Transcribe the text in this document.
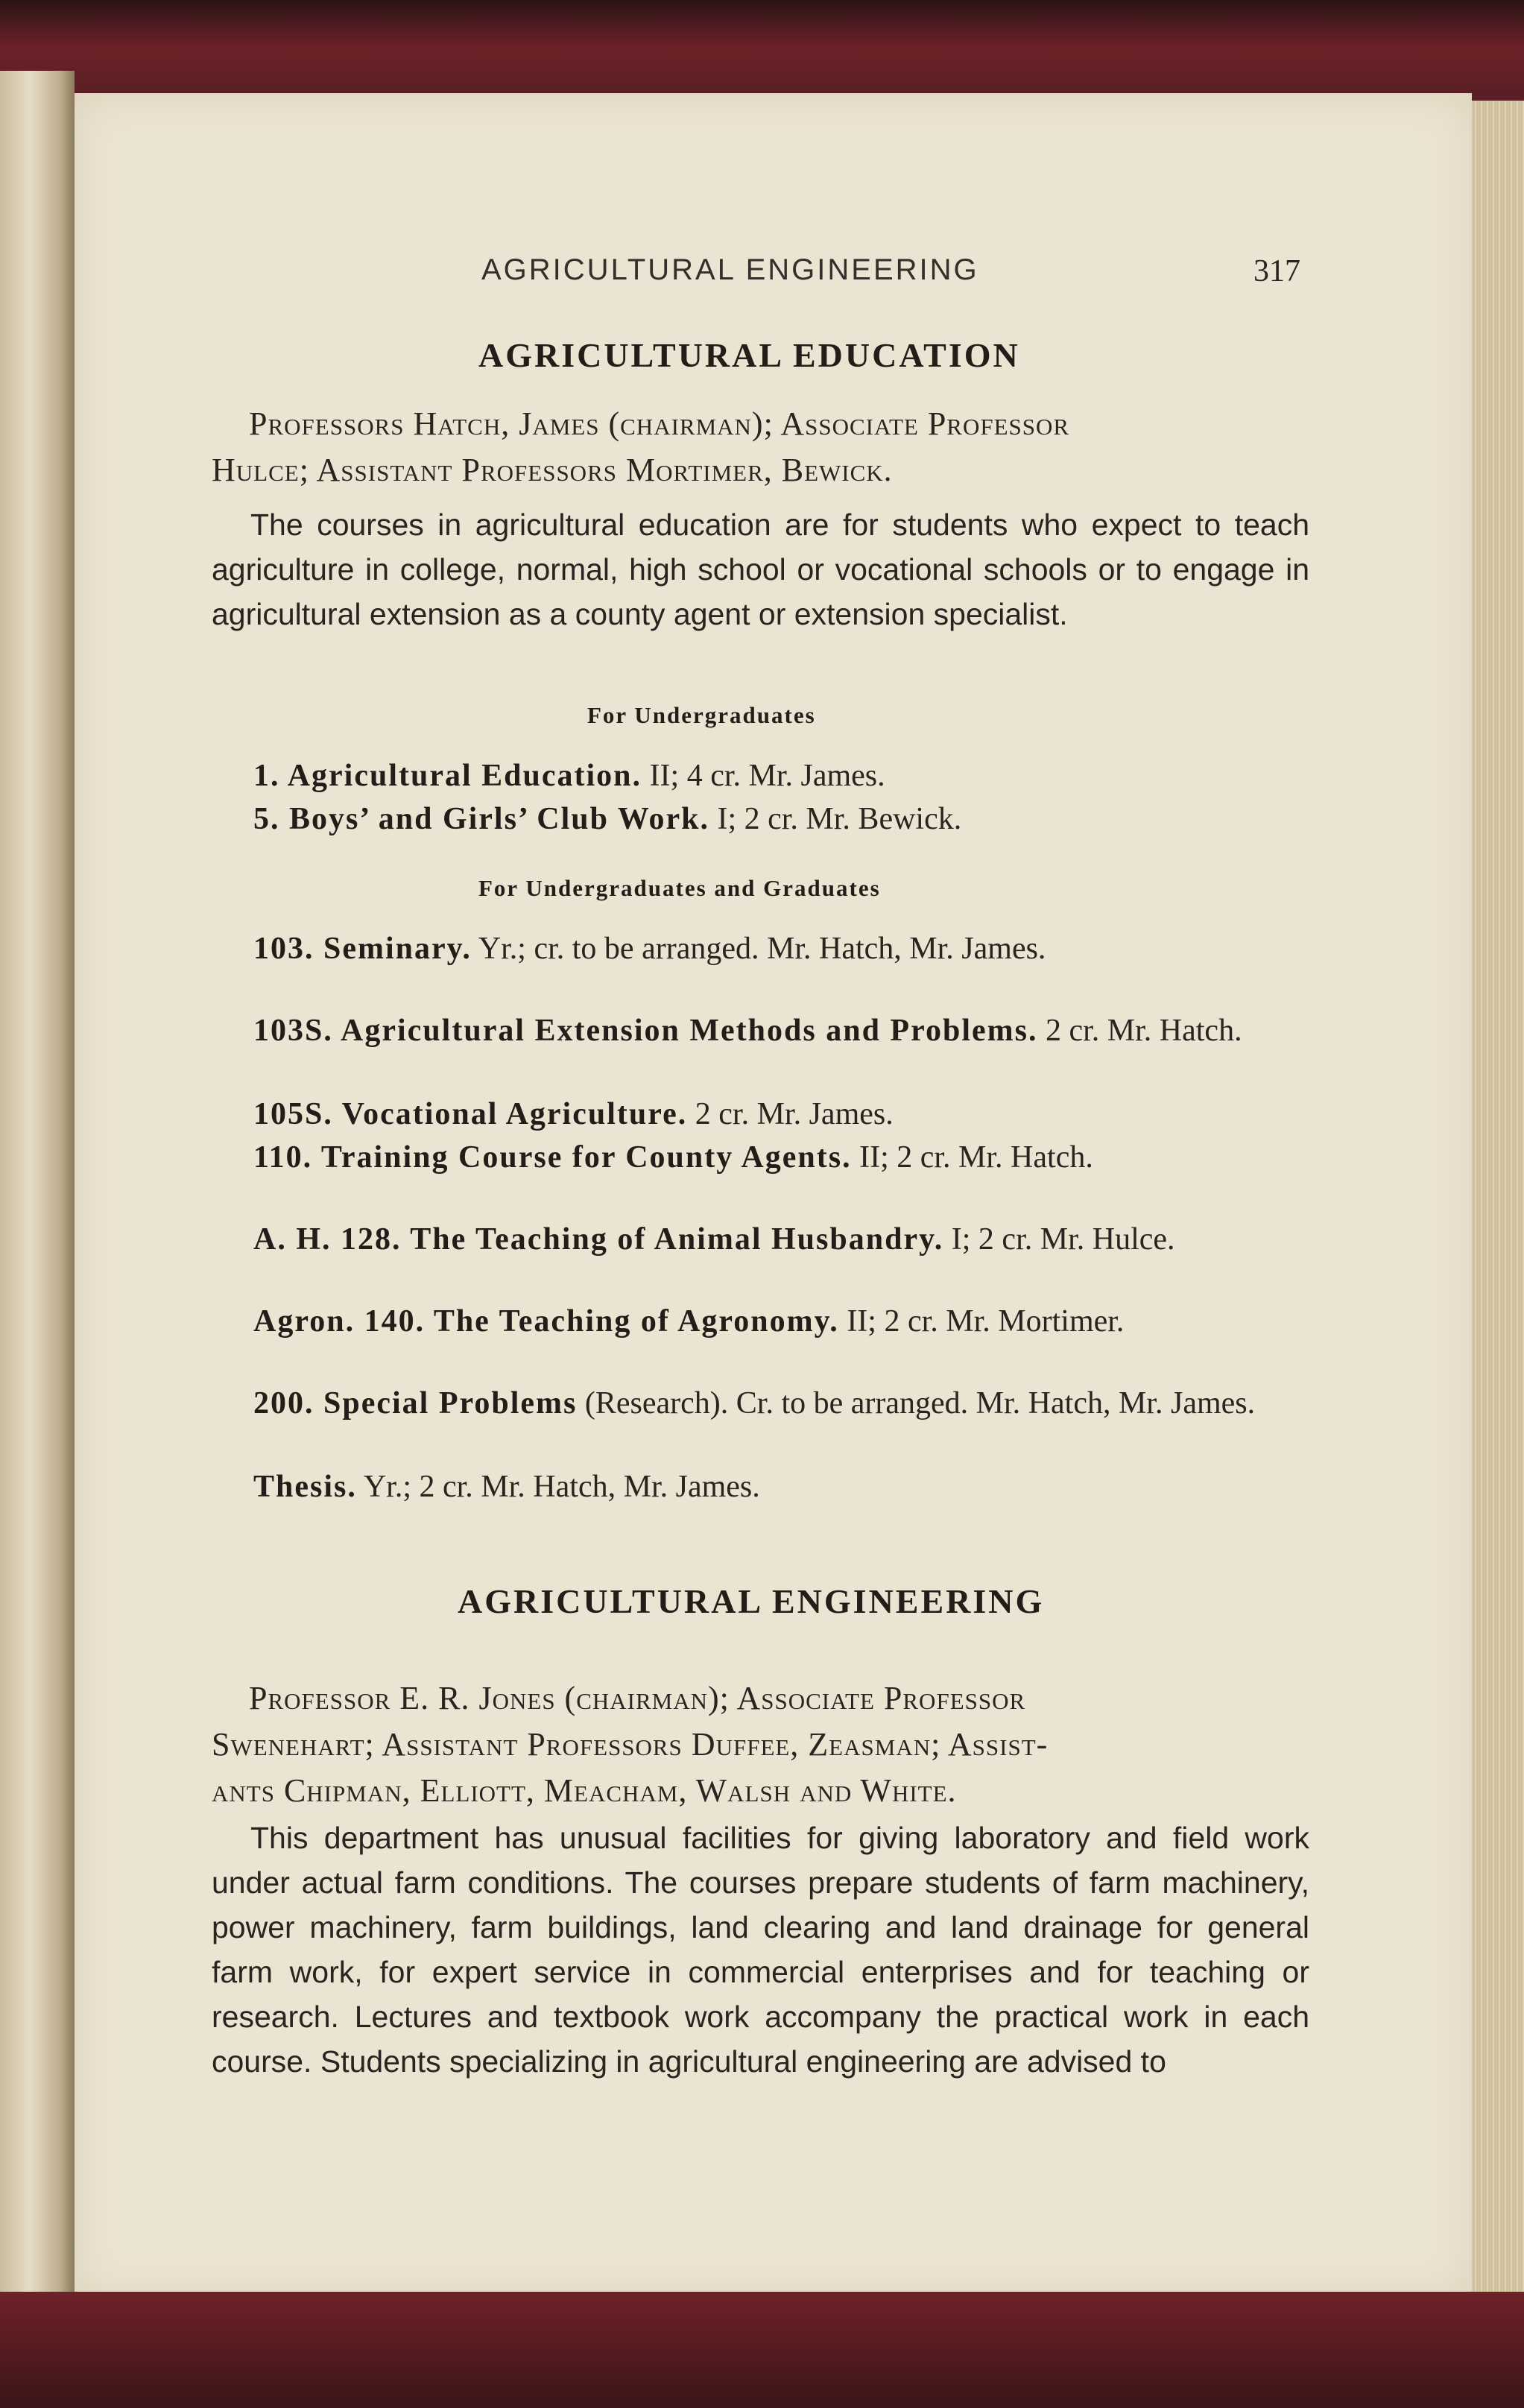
AGRICULTURAL ENGINEERING	317
AGRICULTURAL EDUCATION
Professors Hatch, James (chairman); Associate Professor
Hulce; Assistant Professors Mortimer, Bewick.
The courses in agricultural education are for students who expect to teach agriculture in college, normal, high school or vocational schools or to engage in agricultural extension as a county agent or extension specialist.
For Undergraduates
1. Agricultural Education. II; 4 cr. Mr. James.
5. Boys’ and Girls’ Club Work. I; 2 cr. Mr. Bewick.
For Undergraduates and Graduates
103. Seminary. Yr.; cr. to be arranged. Mr. Hatch, Mr. James.
103S. Agricultural Extension Methods and Problems. 2 cr. Mr. Hatch.
105S. Vocational Agriculture. 2 cr. Mr. James.
110. Training Course for County Agents. II; 2 cr. Mr. Hatch.
A. H. 128. The Teaching of Animal Husbandry. I; 2 cr. Mr. Hulce.
Agron. 140. The Teaching of Agronomy. II; 2 cr. Mr. Mortimer.
200. Special Problems (Research). Cr. to be arranged. Mr. Hatch, Mr. James.
Thesis. Yr.; 2 cr. Mr. Hatch, Mr. James.
AGRICULTURAL ENGINEERING
Professor E. R. Jones (chairman); Associate Professor
Swenehart; Assistant Professors Duffee, Zeasman; Assist-
ants Chipman, Elliott, Meacham, Walsh and White.
This department has unusual facilities for giving laboratory and field work under actual farm conditions. The courses prepare students of farm machinery, power machinery, farm buildings, land clearing and land drainage for general farm work, for expert service in commercial enterprises and for teaching or research. Lectures and textbook work accompany the practical work in each course. Students specializing in agricultural engineering are advised to
